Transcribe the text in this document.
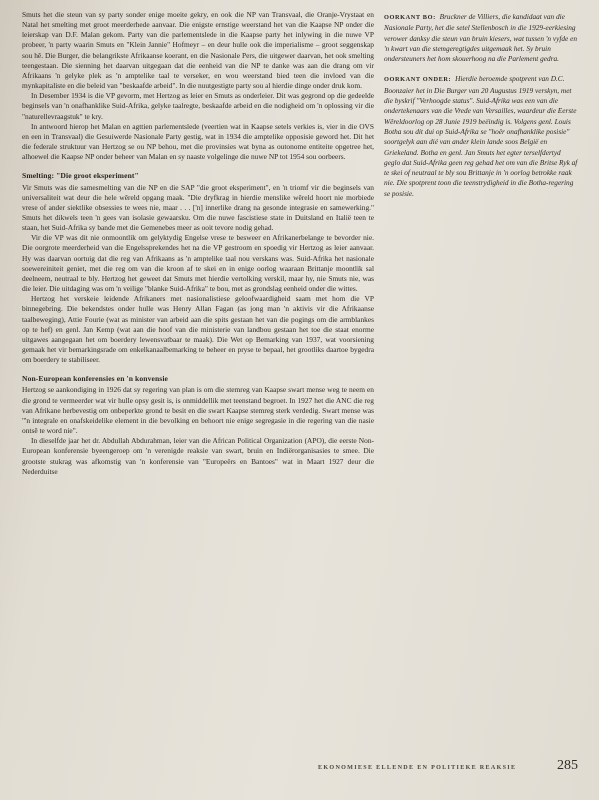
Smuts het die steun van sy party sonder enige moeite gekry, en ook die NP van Transvaal, die Oranje-Vrystaat en Natal het smelting met groot meerderhede aanvaar. Die enigste ernstige weerstand het van die Kaapse NP onder die leierskap van D.F. Malan gekom. Party van die parlementslede in die Kaapse party het inlywing in die nuwe VP probeer, 'n party waarin Smuts en "Klein Jannie" Hofmeyr – en deur hulle ook die imperialisme – groot seggenskap sou hê. Die Burger, die belangrikste Afrikaanse koerant, en die Nasionale Pers, die uitgewer daarvan, het ook smelting teengestaan. Die sienning het daarvan uitgegaan dat die eenheid van die NP te danke was aan die drang om vir Afrikaans 'n gelyke plek as 'n amptelike taal te verseker, en wou weerstand bied teen die invloed van die mynkapitaliste en die beleid van "beskaafde arbeid". In die nuutgestigte party sou al hierdie dinge onder druk kom.

In Desember 1934 is die VP gevorm, met Hertzog as leier en Smuts as onderleier. Dit was gegrond op die gedeelde beginsels van 'n onafhanklike Suid-Afrika, gelyke taalregte, beskaafde arbeid en die nodigheid om 'n oplossing vir die "naturellevraagstuk" te kry.

In antwoord hierop het Malan en agttien parlementslede (veertien wat in Kaapse setels verkies is, vier in die OVS en een in Transvaal) die Gesuiwerde Nasionale Party gestig, wat in 1934 die amptelike opposisie geword het. Dit het die federale struktuur van Hertzog se ou NP behou, met die provinsies wat byna as outonome entiteite opgetree het, alhoewel die Kaapse NP onder beheer van Malan en sy naaste volgelinge die nuwe NP tot 1954 sou oorbeers.

Smelting: "Die groot eksperiment"

Vir Smuts was die samesmelting van die NP en die SAP "die groot eksperiment", en 'n triomf vir die beginsels van universaliteit wat deur die hele wêreld opgang maak. "Die dryfkrag in hierdie menslike wêreld hoort nie morbiede vrese of ander siektlike obsessies te wees nie, maar . . . ['n] innerlike drang na gesonde integrasie en samewerking." Smuts het dikwels teen 'n gees van isolasie gewaarsku. Om die nuwe fascistiese state in Duitsland en Italië teen te staan, het Suid-Afrika sy bande met die Gemenebes meer as ooit tevore nodig gehad.

Vir die VP was dit nie onmoontlik om gelyktydig Engelse vrese te besweer en Afrikanerbelange te bevorder nie. Die oorgrote meerderheid van die Engelssprekendes het na die VP gestroom en spoedig vir Hertzog as leier aanvaar. Hy was daarvan oortuig dat die reg van Afrikaans as 'n amptelike taal nou verskans was. Suid-Afrika het nasionale soewereiniteit geniet, met die reg om van die kroon af te skei en in enige oorlog waaraan Brittanje moontlik sal deelneem, neutraal te bly. Hertzog het geweet dat Smuts met hierdie vertolking verskil, maar hy, nie Smuts nie, was die leier. Die uitdaging was om 'n veilige "blanke Suid-Afrika" te bou, met as grondslag eenheid onder die wittes.

Hertzog het verskeie leidende Afrikaners met nasionalistiese geloofwaardigheid saam met hom die VP binnegebring. Die bekendstes onder hulle was Henry Allan Fagan (as jong man 'n aktivis vir die Afrikaanse taalbeweging), Attie Fourie (wat as minister van arbeid aan die spits gestaan het van die pogings om die armblankes op te hef) en genl. Jan Kemp (wat aan die hoof van die ministerie van landbou gestaan het toe die staat enorme uitgawes aangegaan het om boerdery lewensvatbaar te maak). Die Wet op Bemarking van 1937, wat voorsiening gemaak het vir bemarkingsrade om enkelkanaalbemarking te beheer en pryse te bepaal, het grootliks daartoe bygedra om boerdery te stabiliseer.

Non-European konferensies en 'n konvensie

Hertzog se aankondiging in 1926 dat sy regering van plan is om die stemreg van Kaapse swart mense weg te neem en die grond te vermeerder wat vir hulle opsy gesit is, is onmiddellik met teenstand begroet. In 1927 het die ANC die reg van Afrikane herbevestig om onbeperkte grond te besit en die swart Kaapse stemreg sterk verdedig. Swart mense was "'n integrale en onafskeidelike element in die bevolking en behoort nie enige segregasie in die regering van die nasie ontsê te word nie".

In dieselfde jaar het dr. Abdullah Abdurahman, leier van die African Political Organization (APO), die eerste Non-European konferensie byeengeroep om 'n verenigde reaksie van swart, bruin en Indiërorganisasies te smee. Die grootste stukrag was afkomstig van 'n konferensie van "Europeërs en Bantoes" wat in Maart 1927 deur die Nederduitse

OORKANT BO: Bruckner de Villiers, die kandidaat van die Nasionale Party, het die setel Stellenbosch in die 1929-eerkiesing verower danksy die steun van bruin kiesers, wat tussen 'n vyfde en 'n kwart van die stemgeregtigdes uitgemaak het. Sy bruin ondersteuners het hom skouerhoog na die Parlement gedra.

OORKANT ONDER: Hierdie beroemde spotprent van D.C. Boonzaier het in Die Burger van 20 Augustus 1919 verskyn, met die byskrif "Verhoogde status". Suid-Afrika was een van die ondertekenaars van die Vrede van Versailles, waardeur die Eerste Wêreldoorlog op 28 Junie 1919 beëindig is. Volgens genl. Louis Botha sou dit dui op Suid-Afrika se "hoër onafhanklike posisie" soortgelyk aan dié van ander klein lande soos België en Griekeland. Botha en genl. Jan Smuts het egter terselfdertyd geglo dat Suid-Afrika geen reg gehad het om van die Britse Ryk af te skei of neutraal te bly sou Brittanje in 'n oorlog betrokke raak nie. Die spotprent toon die teenstrydigheid in die Botha-regering se posisie.

EKONOMIESE ELLENDE EN POLITIEKE REAKSIE	285
